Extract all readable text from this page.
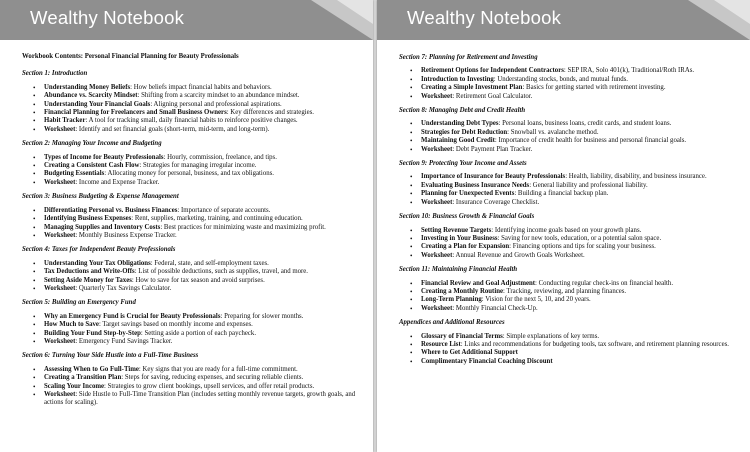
Wealthy Notebook
Workbook Contents: Personal Financial Planning for Beauty Professionals
Section 1: Introduction
• Understanding Money Beliefs: How beliefs impact financial habits and behaviors.
• Abundance vs. Scarcity Mindset: Shifting from a scarcity mindset to an abundance mindset.
• Understanding Your Financial Goals: Aligning personal and professional aspirations.
• Financial Planning for Freelancers and Small Business Owners: Key differences and strategies.
• Habit Tracker: A tool for tracking small, daily financial habits to reinforce positive changes.
• Worksheet: Identify and set financial goals (short-term, mid-term, and long-term).
Section 2: Managing Your Income and Budgeting
• Types of Income for Beauty Professionals: Hourly, commission, freelance, and tips.
• Creating a Consistent Cash Flow: Strategies for managing irregular income.
• Budgeting Essentials: Allocating money for personal, business, and tax obligations.
• Worksheet: Income and Expense Tracker.
Section 3: Business Budgeting & Expense Management
• Differentiating Personal vs. Business Finances: Importance of separate accounts.
• Identifying Business Expenses: Rent, supplies, marketing, training, and continuing education.
• Managing Supplies and Inventory Costs: Best practices for minimizing waste and maximizing profit.
• Worksheet: Monthly Business Expense Tracker.
Section 4: Taxes for Independent Beauty Professionals
• Understanding Your Tax Obligations: Federal, state, and self-employment taxes.
• Tax Deductions and Write-Offs: List of possible deductions, such as supplies, travel, and more.
• Setting Aside Money for Taxes: How to save for tax season and avoid surprises.
• Worksheet: Quarterly Tax Savings Calculator.
Section 5: Building an Emergency Fund
• Why an Emergency Fund is Crucial for Beauty Professionals: Preparing for slower months.
• How Much to Save: Target savings based on monthly income and expenses.
• Building Your Fund Step-by-Step: Setting aside a portion of each paycheck.
• Worksheet: Emergency Fund Savings Tracker.
Section 6: Turning Your Side Hustle into a Full-Time Business
• Assessing When to Go Full-Time: Key signs that you are ready for a full-time commitment.
• Creating a Transition Plan: Steps for saving, reducing expenses, and securing reliable clients.
• Scaling Your Income: Strategies to grow client bookings, upsell services, and offer retail products.
• Worksheet: Side Hustle to Full-Time Transition Plan (includes setting monthly revenue targets, growth goals, and actions for scaling).
Wealthy Notebook
Section 7: Planning for Retirement and Investing
• Retirement Options for Independent Contractors: SEP IRA, Solo 401(k), Traditional/Roth IRAs.
• Introduction to Investing: Understanding stocks, bonds, and mutual funds.
• Creating a Simple Investment Plan: Basics for getting started with retirement investing.
• Worksheet: Retirement Goal Calculator.
Section 8: Managing Debt and Credit Health
• Understanding Debt Types: Personal loans, business loans, credit cards, and student loans.
• Strategies for Debt Reduction: Snowball vs. avalanche method.
• Maintaining Good Credit: Importance of credit health for business and personal financial goals.
• Worksheet: Debt Payment Plan Tracker.
Section 9: Protecting Your Income and Assets
• Importance of Insurance for Beauty Professionals: Health, liability, disability, and business insurance.
• Evaluating Business Insurance Needs: General liability and professional liability.
• Planning for Unexpected Events: Building a financial backup plan.
• Worksheet: Insurance Coverage Checklist.
Section 10: Business Growth & Financial Goals
• Setting Revenue Targets: Identifying income goals based on your growth plans.
• Investing in Your Business: Saving for new tools, education, or a potential salon space.
• Creating a Plan for Expansion: Financing options and tips for scaling your business.
• Worksheet: Annual Revenue and Growth Goals Worksheet.
Section 11: Maintaining Financial Health
• Financial Review and Goal Adjustment: Conducting regular check-ins on financial health.
• Creating a Monthly Routine: Tracking, reviewing, and planning finances.
• Long-Term Planning: Vision for the next 5, 10, and 20 years.
• Worksheet: Monthly Financial Check-Up.
Appendices and Additional Resources
• Glossary of Financial Terms: Simple explanations of key terms.
• Resource List: Links and recommendations for budgeting tools, tax software, and retirement planning resources.
• Where to Get Additional Support
• Complimentary Financial Coaching Discount
